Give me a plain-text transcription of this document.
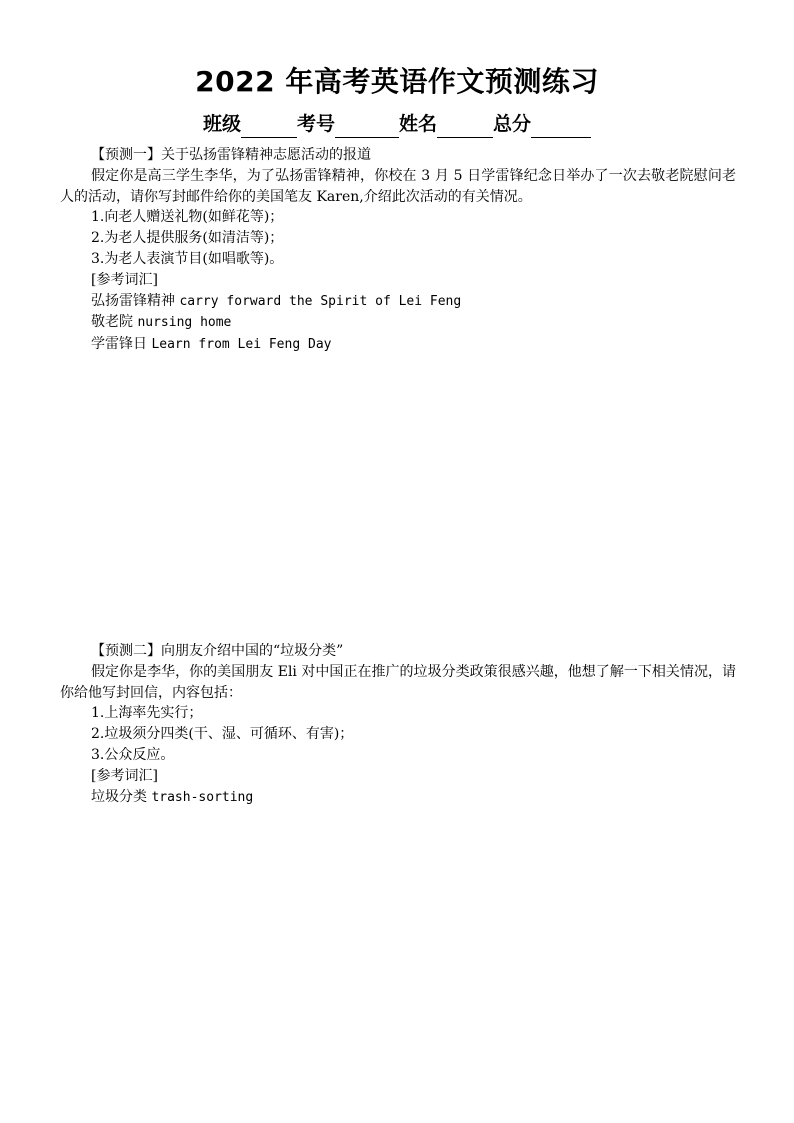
2022 年高考英语作文预测练习
班级	考号	姓名	总分
【预测一】关于弘扬雷锋精神志愿活动的报道
假定你是高三学生李华，为了弘扬雷锋精神，你校在 3 月 5 日学雷锋纪念日举办了一次去敬老院慰问老人的活动，请你写封邮件给你的美国笔友 Karen,介绍此次活动的有关情况。
1.向老人赠送礼物(如鲜花等)；
2.为老人提供服务(如清洁等)；
3.为老人表演节目(如唱歌等)。
[参考词汇]
弘扬雷锋精神 carry forward the Spirit of Lei Feng
敬老院 nursing home
学雷锋日 Learn from Lei Feng Day
【预测二】向朋友介绍中国的“垃圾分类”
假定你是李华，你的美国朋友 Eli 对中国正在推广的垃圾分类政策很感兴趣，他想了解一下相关情况，请你给他写封回信，内容包括：
1.上海率先实行；
2.垃圾须分四类(干、湿、可循环、有害)；
3.公众反应。
[参考词汇]
垃圾分类 trash-sorting
